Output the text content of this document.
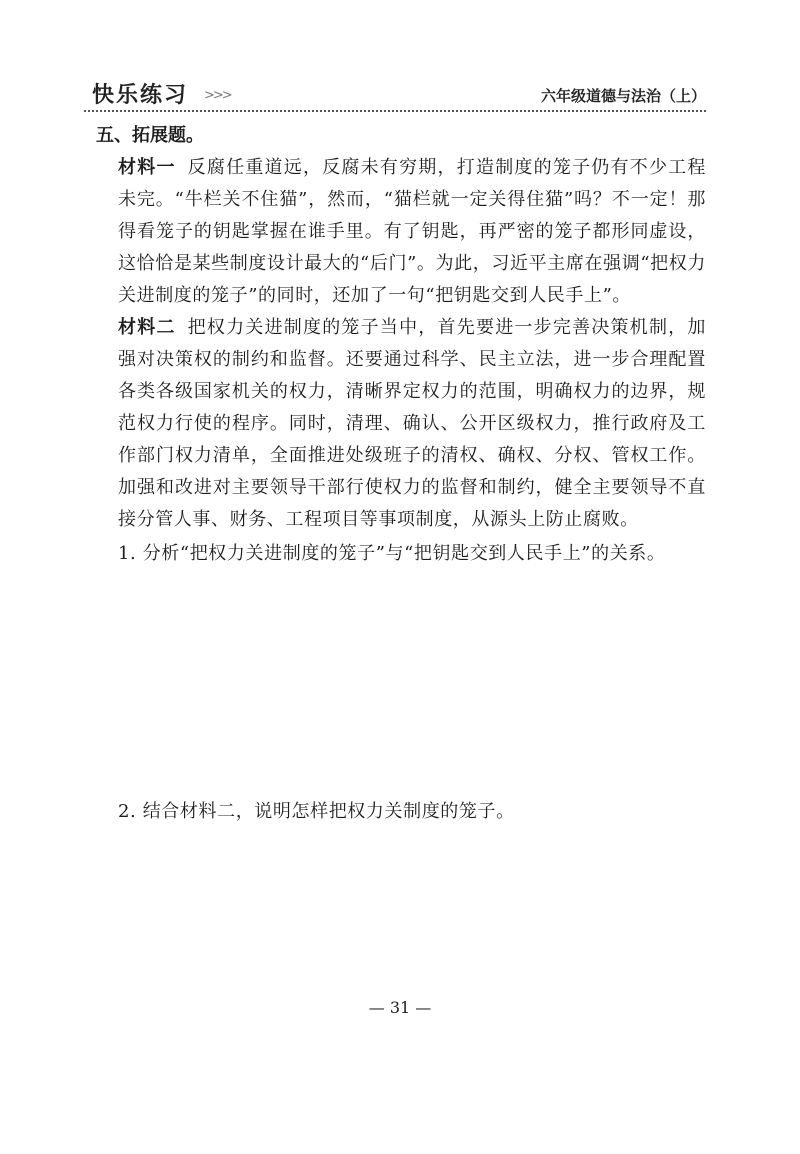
快乐练习 >>>	六年级道德与法治（上）

五、拓展题。

材料一 反腐任重道远，反腐未有穷期，打造制度的笼子仍有不少工程未完。“牛栏关不住猫”，然而，“猫栏就一定关得住猫”吗？不一定！那得看笼子的钥匙掌握在谁手里。有了钥匙，再严密的笼子都形同虚设，这恰恰是某些制度设计最大的“后门”。为此，习近平主席在强调“把权力关进制度的笼子”的同时，还加了一句“把钥匙交到人民手上”。

材料二 把权力关进制度的笼子当中，首先要进一步完善决策机制，加强对决策权的制约和监督。还要通过科学、民主立法，进一步合理配置各类各级国家机关的权力，清晰界定权力的范围，明确权力的边界，规范权力行使的程序。同时，清理、确认、公开区级权力，推行政府及工作部门权力清单，全面推进处级班子的清权、确权、分权、管权工作。加强和改进对主要领导干部行使权力的监督和制约，健全主要领导不直接分管人事、财务、工程项目等事项制度，从源头上防止腐败。

1. 分析“把权力关进制度的笼子”与“把钥匙交到人民手上”的关系。

2. 结合材料二，说明怎样把权力关制度的笼子。

— 31 —
